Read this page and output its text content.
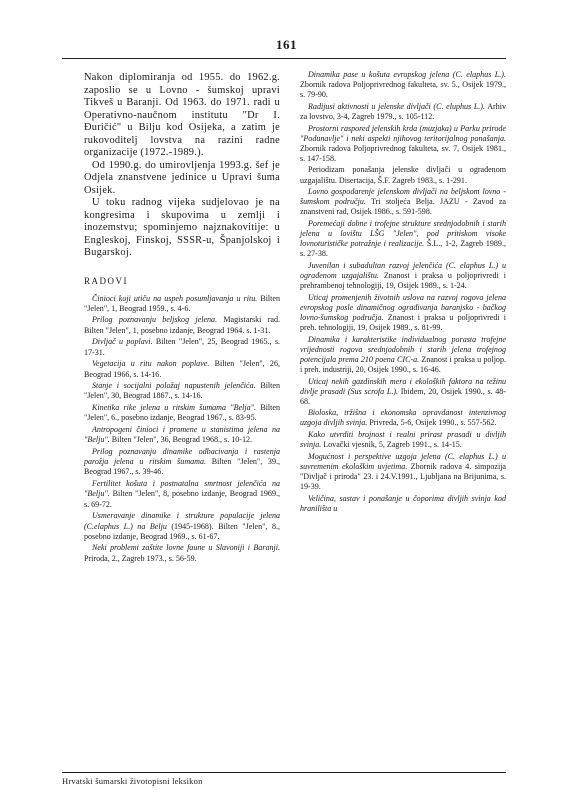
161

Nakon diplomiranja od 1955. do 1962.g. zaposlio se u Lovno - šumskoj upravi Tikveš u Baranji. Od 1963. do 1971. radi u Operativno-naučnom institutu "Dr I. Đuričić" u Bilju kod Osijeka, a zatim je rukovoditelj lovstva na razini radne organizacije (1972.-1989.).

Od 1990.g. do umirovljenja 1993.g. šef je Odjela znanstvene jedinice u Upravi šuma Osijek.

U toku radnog vijeka sudjelovao je na kongresima i skupovima u zemlji i inozemstvu; spominjemo najznakovitije: u Engleskoj, Finskoj, SSSR-u, Španjolskoj i Bugarskoj.

RADOVI
Činioci koji utiču na uspeh posumljavanja u ritu. Bilten "Jelen", 1, Beograd 1959., s. 4-6.
Prilog poznavanju beljskog jelena. Magistarski rad. Bilten "Jelen", 1, posebno izdanje, Beograd 1964. s. 1-31.
Divljač u poplavi. Bilten "Jelen", 25, Beograd 1965., s. 17-31.
Vegetacija u ritu nakon poplave. Bilten "Jelen", 26, Beograd 1966, s. 14-16.
Stanje i socijalni položaj napustenih jelenčića. Bilten "Jelen", 30, Beograd 1867., s. 14-16.
Kinetika rike jelena u ritskim šumama "Belja". Bilten "Jelen", 6., posebno izdanje, Beograd 1967., s. 83-95.
Antropogeni činioci i promene u stanistima jelena na "Belju". Bilten "Jelen", 36, Beograd 1968., s. 10-12.
Prilog poznavanju dinamike odbacivanja i rastenja parožja jelena u ritskim šumama. Bilten "Jelen", 39., Beograd 1967., s. 39-46.
Fertilitet košuta i postnatalna smrtnost jelenčića na "Belju". Bilten "Jelen", 8, posebno izdanje, Beograd 1969., s. 69-72.
Usmeravanje dinamike i strukture populacije jelena (C.elaphus L.) na Belju (1945-1968). Bilten "Jelen", 8., posebno izdanje, Beograd 1969., s. 61-67.
Neki problemi zaštite lovne faune u Slavoniji i Baranji. Priroda, 2., Zagreb 1973., s. 56-59.
Dinamika pase u košuta evropskog jelena (C. elaphus L.). Zbornik radova Poljoprivrednog fakulteta, sv. 5., Osijek 1979., s. 79-90.
Radijusi aktivnosti u jelenske divljači (C. eluphus L.). Arhiv za lovstvo, 3-4, Zagreb 1979., s. 105-112.
Prostorni raspored jelenskih krda (muzjaka) u Parku prirode "Podunavlje" i neki aspekti njihovog teritorijalnog ponašanja. Zbornik radova Poljoprivrednog fakulteta, sv. 7, Osijek 1981., s. 147-158.
Periodizam ponašanja jelenske divljači u ograđenom uzgajalištu. Disertacija, Š.F. Zagreb 1983., s. 1-291.
Lovno gospodarenje jelenskom divljači na beljskom lovno - šumskom području. Tri stoljeća Belja. JAZU - Zavod za znanstveni rad, Osijek 1986., s. 591-598.
Poremećaji dobne i trofejne strukture srednjodobnih i starih jelena u lovištu LŠG "Jelen", pod pritiskom visoke lovnoturističke potražnje i realizacije. Š.L., 1-2, Zagreb 1989., s. 27-38.
Juvenilan i subadultan razvoj jelenčića (C. elaphus L.) u ograđenom uzgajalištu. Znanost i praksa u poljoprivredi i prehrambenoj tehnologiji, 19, Osijek 1989., s. 1-24.
Uticaj promenjenih životnih uslova na razvoj rogova jelena evropskog posle dinamičnog ograđivanja baranjsko - bačkog lovno-šumskog područja. Znanost i praksa u poljoprivredi i preh. tehnologiji, 19, Osijek 1989., s. 81-99.
Dinamika i karakteristike individualnog porasta trofejne vrijednosti rogova srednjodobnih i starih jelena trofejnog potencijala prema 210 poena CIC-a. Znanost i praksa u poljop. i preh. industriji, 20, Osijek 1990., s. 16-46.
Uticaj nekih gazdinskih mera i ekoloških faktora na težinu divlje prasadi (Sus scrofa L.). Ibidem, 20, Osijek 1990., s. 48-68.
Bioloska, tržišna i ekonomska opravdanost intenzivnog uzgoja divljih svinja. Privreda, 5-6, Osijek 1990., s. 557-562.
Kako utvrditi brojnost i realni prirast prasadi u divljih svinja. Lovački vjesnik, 5, Zagreb 1991., s. 14-15.
Mogućnost i perspektive uzgoja jelena (C. elaphus L.) u suvremenim ekološkim uvjetima. Zbornik radova 4. simpozija "Divljač i priroda" 23. i 24.V.1991., Ljubljana na Brijunima, s. 19-39.
Veličina, sastav i ponašanje u čoporima divljih svinja kod hranilišta u
Hrvatski šumarski životopisni leksikon
